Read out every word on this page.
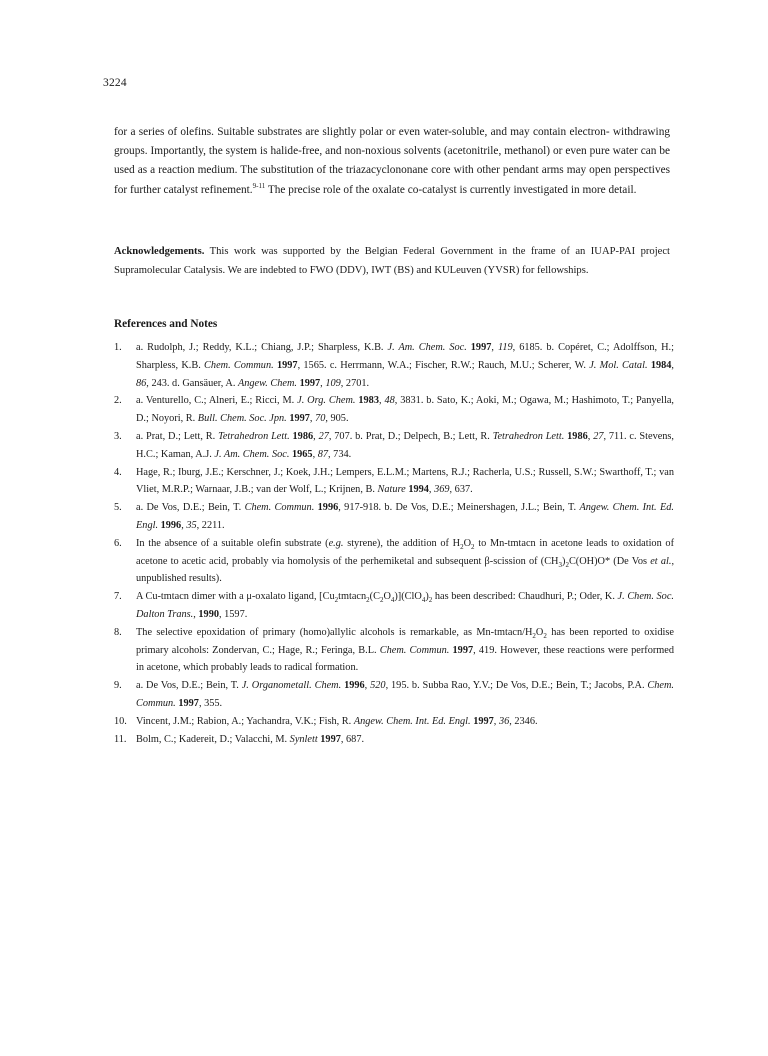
3224
for a series of olefins. Suitable substrates are slightly polar or even water-soluble, and may contain electron- withdrawing groups. Importantly, the system is halide-free, and non-noxious solvents (acetonitrile, methanol) or even pure water can be used as a reaction medium. The substitution of the triazacyclononane core with other pendant arms may open perspectives for further catalyst refinement.$^{9-11}$ The precise role of the oxalate co-catalyst is currently investigated in more detail.
Acknowledgements. This work was supported by the Belgian Federal Government in the frame of an IUAP-PAI project Supramolecular Catalysis. We are indebted to FWO (DDV), IWT (BS) and KULeuven (YVSR) for fellowships.
References and Notes
1.	a. Rudolph, J.; Reddy, K.L.; Chiang, J.P.; Sharpless, K.B. J. Am. Chem. Soc. 1997, 119, 6185. b. Copéret, C.; Adolffson, H.; Sharpless, K.B. Chem. Commun. 1997, 1565. c. Herrmann, W.A.; Fischer, R.W.; Rauch, M.U.; Scherer, W. J. Mol. Catal. 1984, 86, 243. d. Gansäuer, A. Angew. Chem. 1997, 109, 2701.
2.	a. Venturello, C.; Alneri, E.; Ricci, M. J. Org. Chem. 1983, 48, 3831. b. Sato, K.; Aoki, M.; Ogawa, M.; Hashimoto, T.; Panyella, D.; Noyori, R. Bull. Chem. Soc. Jpn. 1997, 70, 905.
3.	a. Prat, D.; Lett, R. Tetrahedron Lett. 1986, 27, 707. b. Prat, D.; Delpech, B.; Lett, R. Tetrahedron Lett. 1986, 27, 711. c. Stevens, H.C.; Kaman, A.J. J. Am. Chem. Soc. 1965, 87, 734.
4.	Hage, R.; Iburg, J.E.; Kerschner, J.; Koek, J.H.; Lempers, E.L.M.; Martens, R.J.; Racherla, U.S.; Russell, S.W.; Swarthoff, T.; van Vliet, M.R.P.; Warnaar, J.B.; van der Wolf, L.; Krijnen, B. Nature 1994, 369, 637.
5.	a. De Vos, D.E.; Bein, T. Chem. Commun. 1996, 917-918. b. De Vos, D.E.; Meinershagen, J.L.; Bein, T. Angew. Chem. Int. Ed. Engl. 1996, 35, 2211.
6.	In the absence of a suitable olefin substrate (e.g. styrene), the addition of $H_2O_2$ to Mn-tmtacn in acetone leads to oxidation of acetone to acetic acid, probably via homolysis of the perhemiketal and subsequent β-scission of $(CH_3)_2C(OH)O*$ (De Vos et al., unpublished results).
7.	A Cu-tmtacn dimer with a μ-oxalato ligand, $[Cu_2tmtacn_2(C_2O_4)](ClO_4)_2$ has been described: Chaudhuri, P.; Oder, K. J. Chem. Soc. Dalton Trans., 1990, 1597.
8.	The selective epoxidation of primary (homo)allylic alcohols is remarkable, as $Mn-tmtacn/H_2O_2$ has been reported to oxidise primary alcohols: Zondervan, C.; Hage, R.; Feringa, B.L. Chem. Commun. 1997, 419. However, these reactions were performed in acetone, which probably leads to radical formation.
9.	a. De Vos, D.E.; Bein, T. J. Organometall. Chem. 1996, 520, 195. b. Subba Rao, Y.V.; De Vos, D.E.; Bein, T.; Jacobs, P.A. Chem. Commun. 1997, 355.
10. Vincent, J.M.; Rabion, A.; Yachandra, V.K.; Fish, R. Angew. Chem. Int. Ed. Engl. 1997, 36, 2346.
11. Bolm, C.; Kadereit, D.; Valacchi, M. Synlett 1997, 687.
